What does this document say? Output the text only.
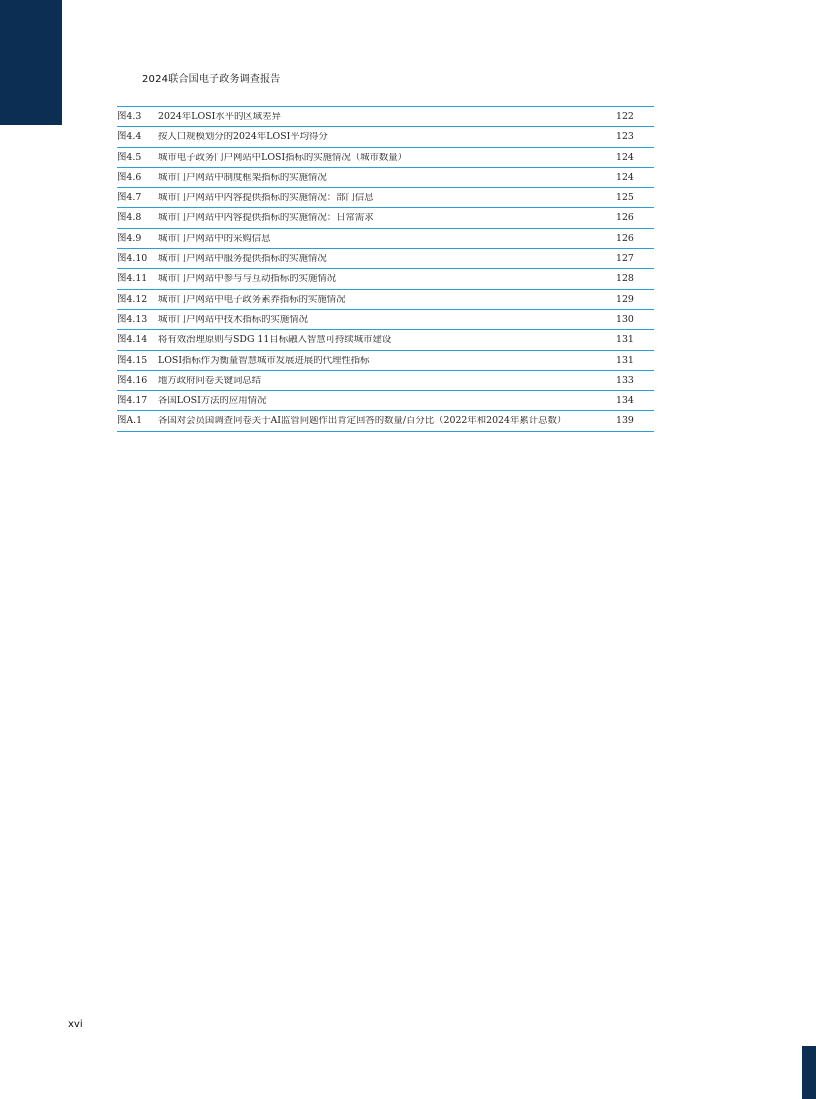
2024联合国电子政务调查报告
图4.3	2024年LOSI水平的区域差异	122
图4.4	按人口规模划分的2024年LOSI平均得分	123
图4.5	城市电子政务门户网站中LOSI指标的实施情况（城市数量）	124
图4.6	城市门户网站中制度框架指标的实施情况	124
图4.7	城市门户网站中内容提供指标的实施情况：部门信息	125
图4.8	城市门户网站中内容提供指标的实施情况：日常需求	126
图4.9	城市门户网站中的采购信息	126
图4.10	城市门户网站中服务提供指标的实施情况	127
图4.11	城市门户网站中参与与互动指标的实施情况	128
图4.12	城市门户网站中电子政务素养指标的实施情况	129
图4.13	城市门户网站中技术指标的实施情况	130
图4.14	将有效治理原则与SDG 11目标融入智慧可持续城市建设	131
图4.15	LOSI指标作为衡量智慧城市发展进展的代理性指标	131
图4.16	地方政府问卷关键词总结	133
图4.17	各国LOSI方法的应用情况	134
图A.1	各国对会员国调查问卷关于AI监管问题作出肯定回答的数量/百分比（2022年和2024年累计总数）	139
xvi
